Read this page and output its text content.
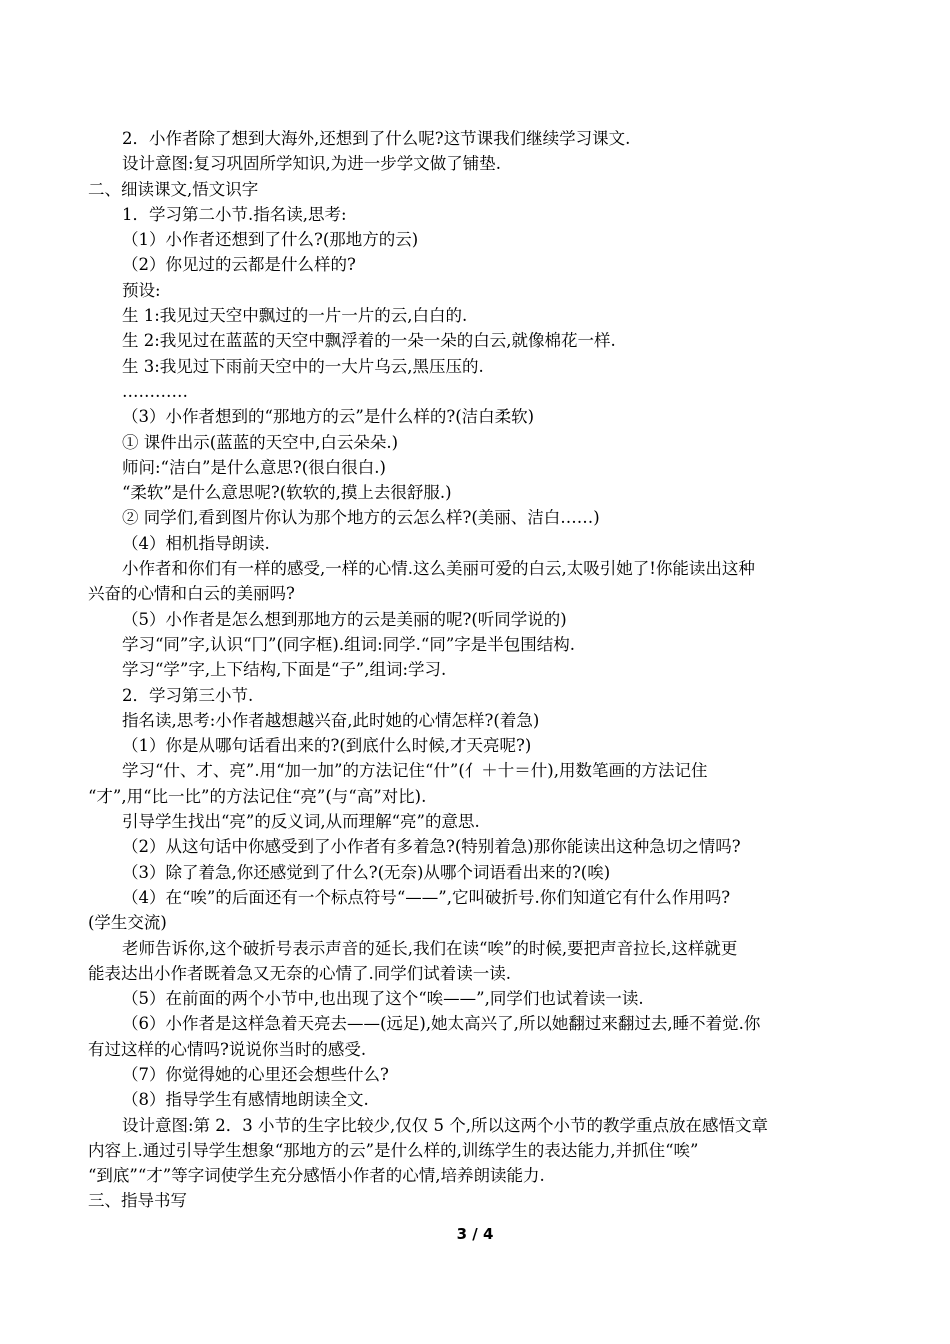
2．小作者除了想到大海外,还想到了什么呢?这节课我们继续学习课文.
设计意图:复习巩固所学知识,为进一步学文做了铺垫.
二、细读课文,悟文识字
1．学习第二小节.指名读,思考:
（1）小作者还想到了什么?(那地方的云)
（2）你见过的云都是什么样的?
预设:
生 1:我见过天空中飘过的一片一片的云,白白的.
生 2:我见过在蓝蓝的天空中飘浮着的一朵一朵的白云,就像棉花一样.
生 3:我见过下雨前天空中的一大片乌云,黑压压的.
…………
（3）小作者想到的“那地方的云”是什么样的?(洁白柔软)
① 课件出示(蓝蓝的天空中,白云朵朵.)
师问:“洁白”是什么意思?(很白很白.)
“柔软”是什么意思呢?(软软的,摸上去很舒服.)
② 同学们,看到图片你认为那个地方的云怎么样?(美丽、洁白……)
（4）相机指导朗读.
小作者和你们有一样的感受,一样的心情.这么美丽可爱的白云,太吸引她了!你能读出这种
兴奋的心情和白云的美丽吗?
（5）小作者是怎么想到那地方的云是美丽的呢?(听同学说的)
学习“同”字,认识“冂”(同字框).组词:同学.“同”字是半包围结构.
学习“学”字,上下结构,下面是“子”,组词:学习.
2．学习第三小节.
指名读,思考:小作者越想越兴奋,此时她的心情怎样?(着急)
（1）你是从哪句话看出来的?(到底什么时候,才天亮呢?)
学习“什、才、亮”.用“加一加”的方法记住“什”(亻＋十＝什),用数笔画的方法记住
“才”,用“比一比”的方法记住“亮”(与“高”对比).
引导学生找出“亮”的反义词,从而理解“亮”的意思.
（2）从这句话中你感受到了小作者有多着急?(特别着急)那你能读出这种急切之情吗?
（3）除了着急,你还感觉到了什么?(无奈)从哪个词语看出来的?(唉)
（4）在“唉”的后面还有一个标点符号“——”,它叫破折号.你们知道它有什么作用吗?
(学生交流)
老师告诉你,这个破折号表示声音的延长,我们在读“唉”的时候,要把声音拉长,这样就更
能表达出小作者既着急又无奈的心情了.同学们试着读一读.
（5）在前面的两个小节中,也出现了这个“唉——”,同学们也试着读一读.
（6）小作者是这样急着天亮去——(远足),她太高兴了,所以她翻过来翻过去,睡不着觉.你
有过这样的心情吗?说说你当时的感受.
（7）你觉得她的心里还会想些什么?
（8）指导学生有感情地朗读全文.
设计意图:第 2．3 小节的生字比较少,仅仅 5 个,所以这两个小节的教学重点放在感悟文章
内容上.通过引导学生想象“那地方的云”是什么样的,训练学生的表达能力,并抓住“唉”
“到底”“才”等字词使学生充分感悟小作者的心情,培养朗读能力.
三、指导书写
3 / 4
